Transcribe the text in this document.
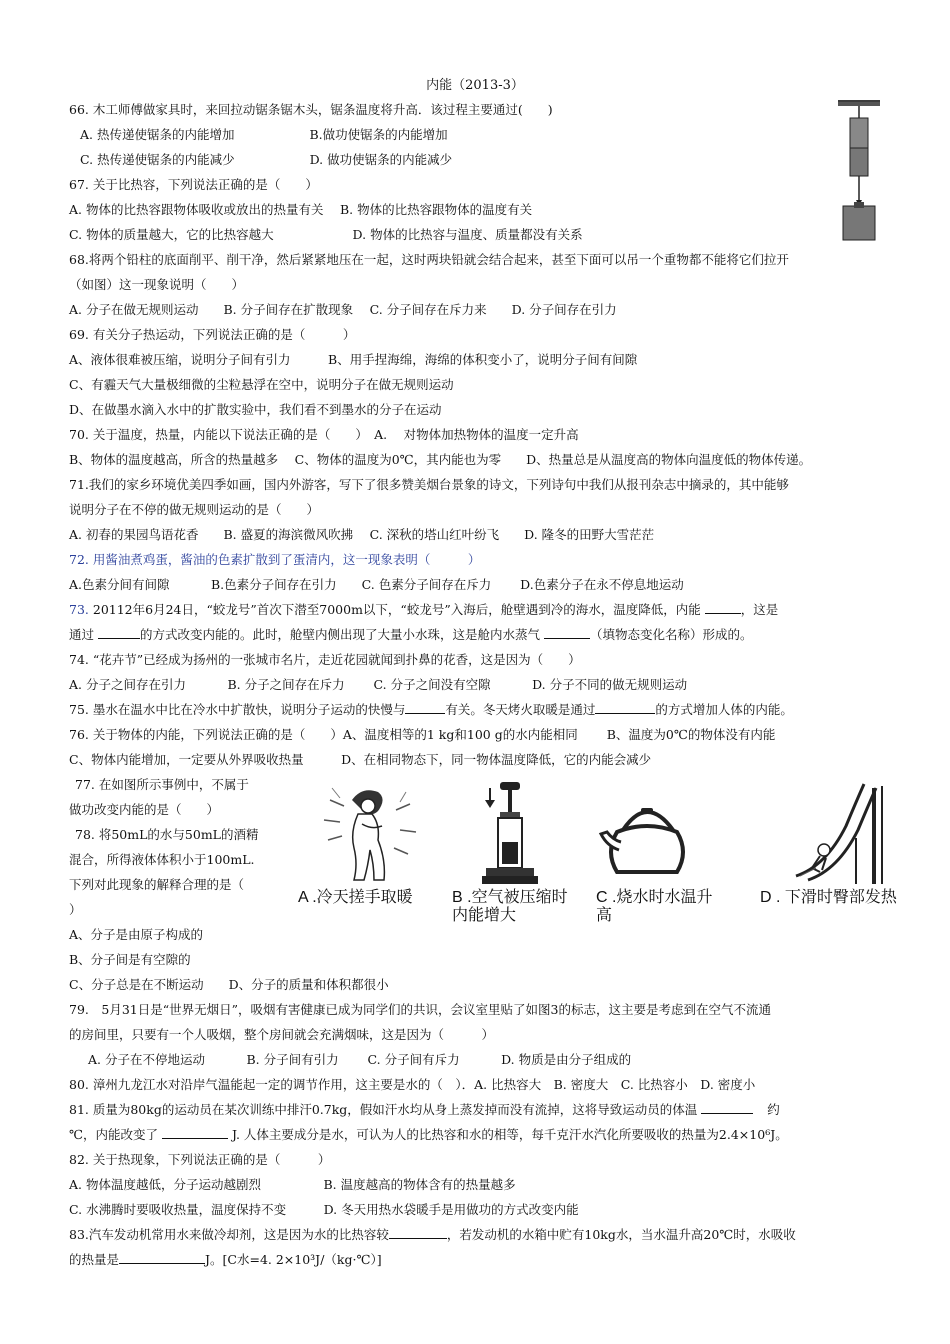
内能（2013-3）
66. 木工师傅做家具时，来回拉动锯条锯木头，锯条温度将升高．该过程主要通过(　　)
A. 热传递使锯条的内能增加　　　　　　B.做功使锯条的内能增加
C. 热传递使锯条的内能减少　　　　　　D. 做功使锯条的内能减少
67. 关于比热容，下列说法正确的是（　　）
A. 物体的比热容跟物体吸收或放出的热量有关　 B. 物体的比热容跟物体的温度有关
C. 物体的质量越大，它的比热容越大　　　　　　 D. 物体的比热容与温度、质量都没有关系
68.将两个铅柱的底面削平、削干净，然后紧紧地压在一起，这时两块铅就会结合起来，甚至下面可以吊一个重物都不能将它们拉开
（如图）这一现象说明（　　）
A. 分子在做无规则运动　　B. 分子间存在扩散现象　 C. 分子间存在斥力来　　D. 分子间存在引力
69. 有关分子热运动，下列说法正确的是（　　　）
A、液体很难被压缩，说明分子间有引力　　　B、用手捏海绵，海绵的体积变小了，说明分子间有间隙
C、有霾天气大量极细微的尘粒悬浮在空中，说明分子在做无规则运动
D、在做墨水滴入水中的扩散实验中，我们看不到墨水的分子在运动
70. 关于温度，热量，内能以下说法正确的是（　　）　A.　 对物体加热物体的温度一定升高
B、物体的温度越高，所含的热量越多　 C、物体的温度为0℃，其内能也为零　　D、热量总是从温度高的物体向温度低的物体传递。
71.我们的家乡环境优美四季如画，国内外游客，写下了很多赞美烟台景象的诗文，下列诗句中我们从报刊杂志中摘录的，其中能够
说明分子在不停的做无规则运动的是（　　）
A. 初春的果园鸟语花香　　B. 盛夏的海滨微风吹拂　 C. 深秋的塔山红叶纷飞　　D. 隆冬的田野大雪茫茫
72. 用酱油煮鸡蛋，酱油的色素扩散到了蛋清内，这一现象表明（　　　）
A.色素分间有间隙　　　 B.色素分子间存在引力　　C. 色素分子间存在斥力　　 D.色素分子在永不停息地运动
73. 20112年6月24日，“蛟龙号”首次下潜至7000m以下，“蛟龙号”入海后，舱壁遇到冷的海水，温度降低，内能	，这是
通过	的方式改变内能的。此时，舱壁内侧出现了大量小水珠，这是舱内水蒸气	（填物态变化名称）形成的。
74. “花卉节”已经成为扬州的一张城市名片，走近花园就闻到扑鼻的花香，这是因为（　　）
A. 分子之间存在引力　　　 B. 分子之间存在斥力　　 C. 分子之间没有空隙　　　 D. 分子不同的做无规则运动
75. 墨水在温水中比在冷水中扩散快，说明分子运动的快慢与	有关。冬天烤火取暖是通过	的方式增加人体的内能。
76. 关于物体的内能，下列说法正确的是（　　）A、温度相等的1 kg和100 g的水内能相同　　 B、温度为0℃的物体没有内能
C、物体内能增加，一定要从外界吸收热量　　　D、在相同物态下，同一物体温度降低，它的内能会减少
77. 在如图所示事例中，不属于
做功改变内能的是（　　）
78. 将50mL的水与50mL的酒精
混合，所得液体体积小于100mL.
下列对此现象的解释合理的是（
）
A、分子是由原子构成的
B、分子间是有空隙的
C、分子总是在不断运动　　D、分子的质量和体积都很小
A .冷天搓手取暖 B .空气被压缩时
内能增大
C .烧水时水温升
高
D . 下滑时臀部发热
79.　5月31日是“世界无烟日”，吸烟有害健康已成为同学们的共识，会议室里贴了如图3的标志，这主要是考虑到在空气不流通
的房间里，只要有一个人吸烟，整个房间就会充满烟味，这是因为（　　　）
A. 分子在不停地运动　　　 B. 分子间有引力　　 C. 分子间有斥力　　　 D. 物质是由分子组成的
80. 漳州九龙江水对沿岸气温能起一定的调节作用，这主要是水的（　）．A. 比热容大　B. 密度大　C. 比热容小　D. 密度小
81. 质量为80kg的运动员在某次训练中排汗0.7kg，假如汗水均从身上蒸发掉而没有流掉，这将导致运动员的体温	约
℃，内能改变了	J. 人体主要成分是水，可认为人的比热容和水的相等，每千克汗水汽化所要吸收的热量为2.4×10⁶J。
82. 关于热现象，下列说法正确的是（　　　）
A. 物体温度越低，分子运动越剧烈　　　　　B. 温度越高的物体含有的热量越多
C. 水沸腾时要吸收热量，温度保持不变　　　D. 冬天用热水袋暖手是用做功的方式改变内能
83.汽车发动机常用水来做冷却剂，这是因为水的比热容较	，若发动机的水箱中贮有10kg水，当水温升高20℃时，水吸收
的热量是	J。[C水=4. 2×10³J/（kg·℃）]
